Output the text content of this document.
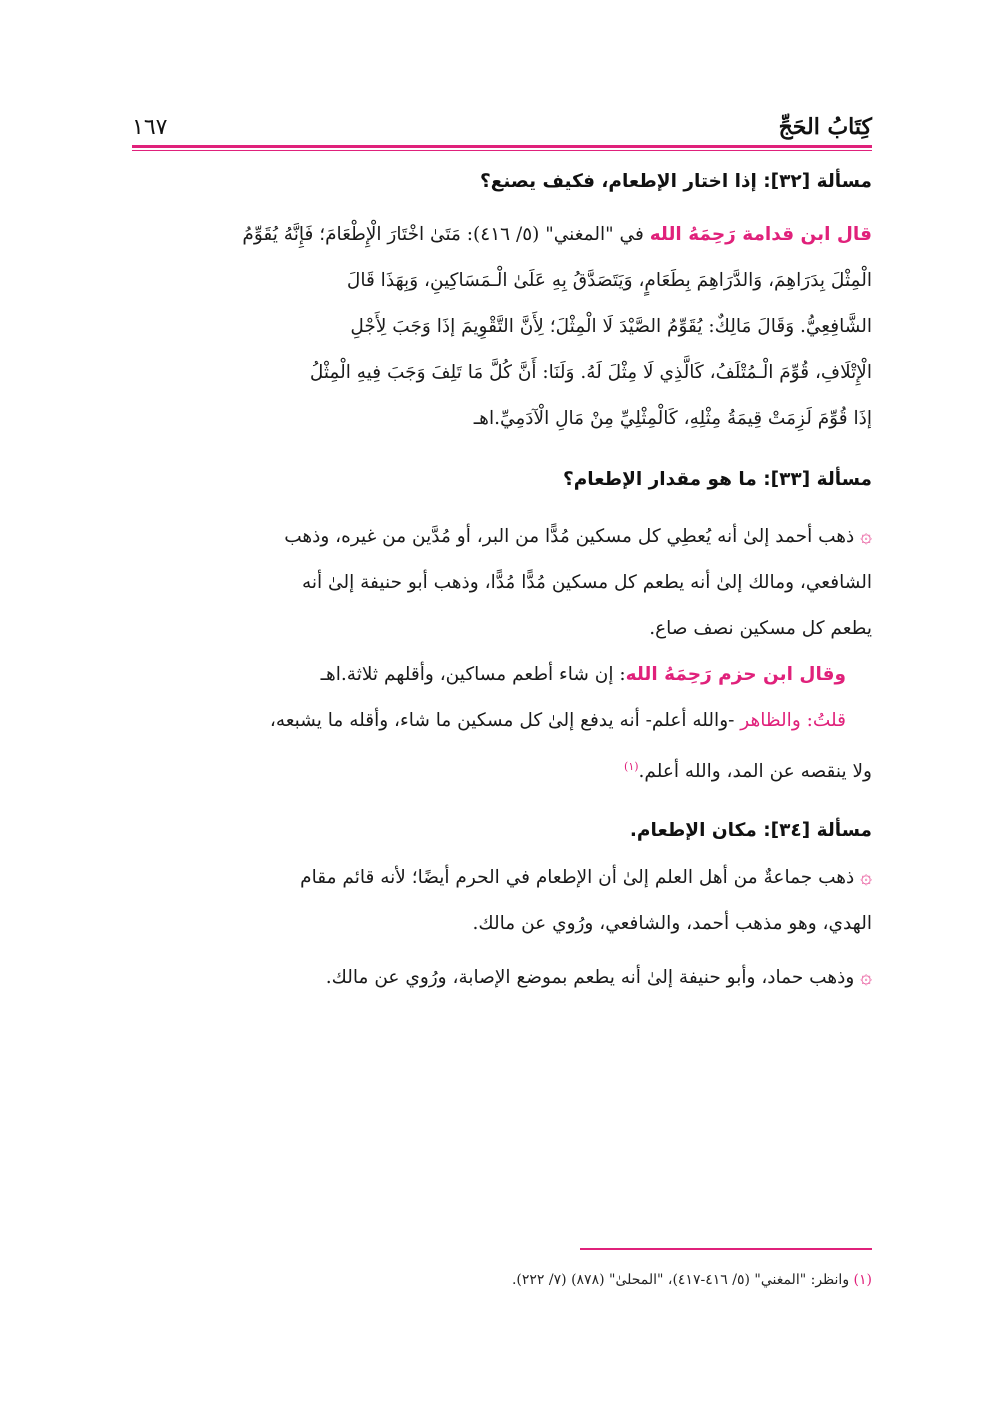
كِتَابُ الحَجِّ
١٦٧

مسألة [٣٢]: إذا اختار الإطعام، فكيف يصنع؟

قال ابن قدامة رَحِمَهُ الله في "المغني" (٥/ ٤١٦): مَتَىٰ اخْتَارَ الْإِطْعَامَ؛ فَإِنَّهُ يُقَوِّمُ

الْمِثْلَ بِدَرَاهِمَ، وَالدَّرَاهِمَ بِطَعَامٍ، وَيَتَصَدَّقُ بِهِ عَلَىٰ الْـمَسَاكِينِ، وَبِهَذَا قَالَ

الشَّافِعِيُّ. وَقَالَ مَالِكٌ: يُقَوِّمُ الصَّيْدَ لَا الْمِثْلَ؛ لِأَنَّ التَّقْوِيمَ إذَا وَجَبَ لِأَجْلِ

الْإِتْلَافِ، قُوِّمَ الْـمُتْلَفُ، كَالَّذِي لَا مِثْلَ لَهُ. وَلَنَا: أَنَّ كُلَّ مَا تَلِفَ وَجَبَ فِيهِ الْمِثْلُ

إذَا قُوِّمَ لَزِمَتْ قِيمَةُ مِثْلِهِ، كَالْمِثْلِيِّ مِنْ مَالِ الْآدَمِيِّ.اهـ

مسألة [٣٣]: ما هو مقدار الإطعام؟

۞ذهب أحمد إلىٰ أنه يُعطِي كل مسكين مُدًّا من البر، أو مُدَّين من غيره، وذهب

الشافعي، ومالك إلىٰ أنه يطعم كل مسكين مُدًّا مُدًّا، وذهب أبو حنيفة إلىٰ أنه

يطعم كل مسكين نصف صاع.

وقال ابن حزم رَحِمَهُ الله: إن شاء أطعم مساكين، وأقلهم ثلاثة.اهـ

قلتُ: والظاهر -والله أعلم- أنه يدفع إلىٰ كل مسكين ما شاء، وأقله ما يشبعه،

ولا ينقصه عن المد، والله أعلم.$^{(١)}$

مسألة [٣٤]: مكان الإطعام.

۞ذهب جماعةٌ من أهل العلم إلىٰ أن الإطعام في الحرم أيضًا؛ لأنه قائم مقام

الهدي، وهو مذهب أحمد، والشافعي، ورُوي عن مالك.

۞وذهب حماد، وأبو حنيفة إلىٰ أنه يطعم بموضع الإصابة، ورُوي عن مالك.

(١) وانظر: "المغني" (٥/ ٤١٦-٤١٧)، "المحلىٰ" (٨٧٨) (٧/ ٢٢٢).
